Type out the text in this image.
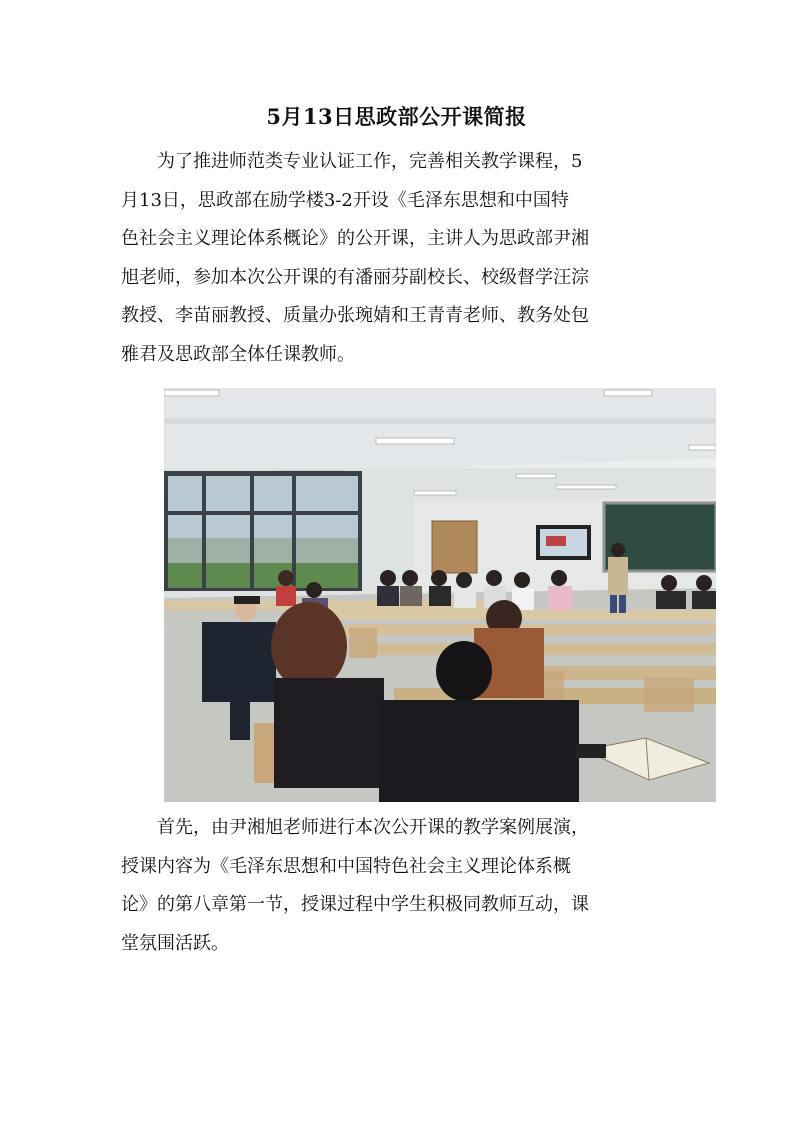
5月13日思政部公开课简报
　　为了推进师范类专业认证工作，完善相关教学课程，5
月13日，思政部在励学楼3-2开设《毛泽东思想和中国特
色社会主义理论体系概论》的公开课，主讲人为思政部尹湘
旭老师，参加本次公开课的有潘丽芬副校长、校级督学汪淙
教授、李苗丽教授、质量办张琬婧和王青青老师、教务处包
雅君及思政部全体任课教师。
　　首先，由尹湘旭老师进行本次公开课的教学案例展演，
授课内容为《毛泽东思想和中国特色社会主义理论体系概
论》的第八章第一节，授课过程中学生积极同教师互动，课
堂氛围活跃。
